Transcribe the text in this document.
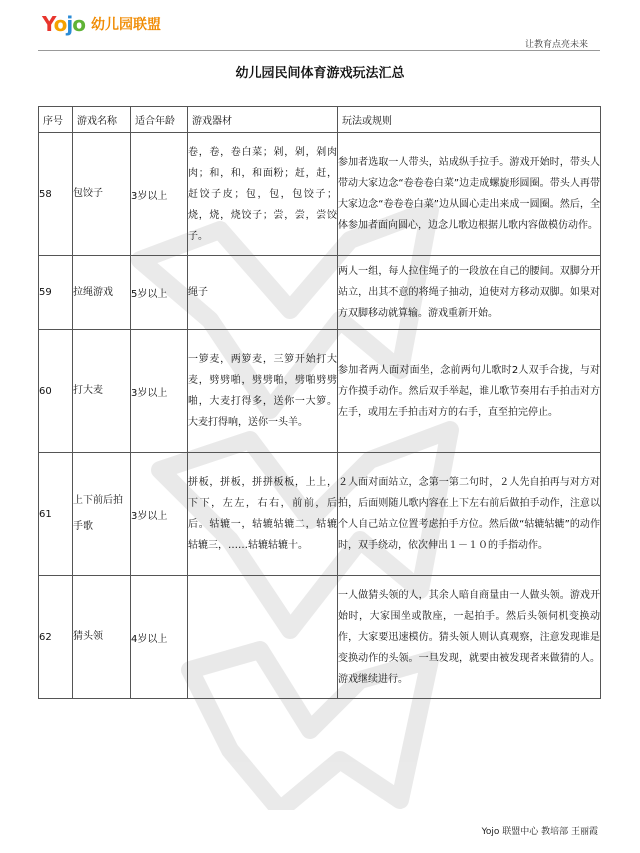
Yojo 幼儿园联盟
让教育点亮未来
幼儿园民间体育游戏玩法汇总
序号	游戏名称	适合年龄	游戏器材	玩法或规则
58	包饺子	3岁以上	卷，卷，卷白菜；剁，剁，剁肉肉；和，和，和面粉；赶，赶，赶饺子皮；包，包，包饺子；烧，烧，烧饺子；尝，尝，尝饺子。	参加者选取一人带头，站成纵手拉手。游戏开始时，带头人带动大家边念“卷卷卷白菜”边走成螺旋形圆圈。带头人再带大家边念“卷卷卷白菜”边从圆心走出来成一圆圈。然后，全体参加者面向圆心，边念儿歌边根据儿歌内容做模仿动作。
59	拉绳游戏	5岁以上	绳子	两人一组，每人拉住绳子的一段放在自己的腰间。双脚分开站立，出其不意的将绳子抽动，迫使对方移动双脚。如果对方双脚移动就算输。游戏重新开始。
60	打大麦	3岁以上	一箩麦，两箩麦，三箩开始打大麦，劈劈啪，劈劈啪，劈啪劈劈啪，大麦打得多，送你一大箩。大麦打得响，送你一头羊。	参加者两人面对面坐，念前两句儿歌时2人双手合拢，与对方作摸手动作。然后双手举起，谁儿歌节奏用右手拍击对方左手，或用左手拍击对方的右手，直至拍完停止。
61	上下前后拍手歌	3岁以上	拼板，拼板，拼拼板板，上上，下下，左左，右右，前前，后后。轱辘一，轱辘轱辘二，轱辘轱辘三，……轱辘轱辘十。	２人面对面站立，念第一第二句时，２人先自拍再与对方对拍，后面则随儿歌内容在上下左右前后做拍手动作，注意以个人自己站立位置考虑拍手方位。然后做“轱辘轱辘”的动作时，双手绕动，依次伸出１－１０的手指动作。
62	猜头领	4岁以上		一人做猜头领的人，其余人暗自商量由一人做头领。游戏开始时，大家围坐或散座，一起拍手。然后头领伺机变换动作，大家要迅速模仿。猜头领人则认真观察，注意发现谁是变换动作的头领。一旦发现，就要由被发现者来做猜的人。游戏继续进行。
Yojo 联盟中心 教培部 王丽霞
